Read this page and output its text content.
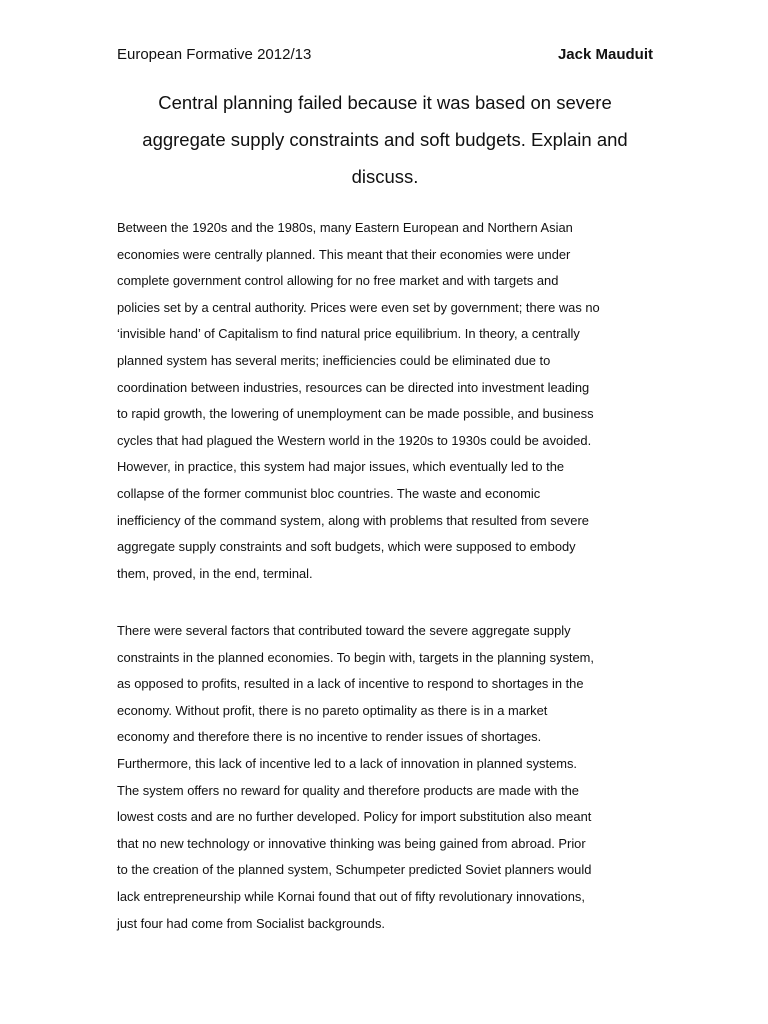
European Formative 2012/13	Jack Mauduit
Central planning failed because it was based on severe
aggregate supply constraints and soft budgets. Explain and
discuss.
Between the 1920s and the 1980s, many Eastern European and Northern Asian
economies were centrally planned. This meant that their economies were under
complete government control allowing for no free market and with targets and
policies set by a central authority. Prices were even set by government; there was no
‘invisible hand’ of Capitalism to find natural price equilibrium. In theory, a centrally
planned system has several merits; inefficiencies could be eliminated due to
coordination between industries, resources can be directed into investment leading
to rapid growth, the lowering of unemployment can be made possible, and business
cycles that had plagued the Western world in the 1920s to 1930s could be avoided.
However, in practice, this system had major issues, which eventually led to the
collapse of the former communist bloc countries. The waste and economic
inefficiency of the command system, along with problems that resulted from severe
aggregate supply constraints and soft budgets, which were supposed to embody
them, proved, in the end, terminal.
There were several factors that contributed toward the severe aggregate supply
constraints in the planned economies. To begin with, targets in the planning system,
as opposed to profits, resulted in a lack of incentive to respond to shortages in the
economy. Without profit, there is no pareto optimality as there is in a market
economy and therefore there is no incentive to render issues of shortages.
Furthermore, this lack of incentive led to a lack of innovation in planned systems.
The system offers no reward for quality and therefore products are made with the
lowest costs and are no further developed. Policy for import substitution also meant
that no new technology or innovative thinking was being gained from abroad. Prior
to the creation of the planned system, Schumpeter predicted Soviet planners would
lack entrepreneurship while Kornai found that out of fifty revolutionary innovations,
just four had come from Socialist backgrounds.
